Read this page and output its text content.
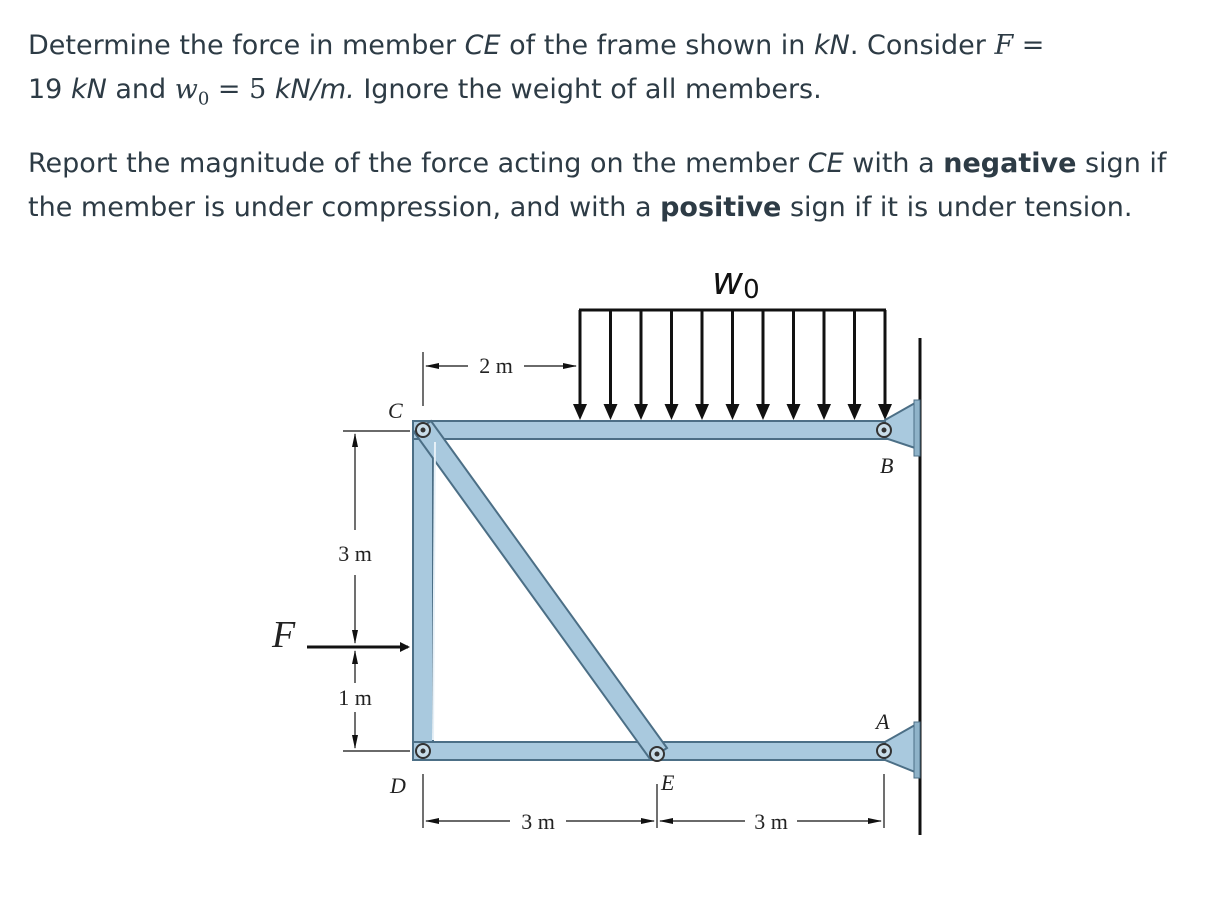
Determine the force in member CE of the frame shown in kN. Consider F =
19 kN and $w_0 = 5$ kN/m. Ignore the weight of all members.

Report the magnitude of the force acting on the member CE with a negative sign if the member is under compression, and with a positive sign if it is under tension.

2 m
3 m
1 m
F
3 m	3 m
C
B
A
D	E
w0
